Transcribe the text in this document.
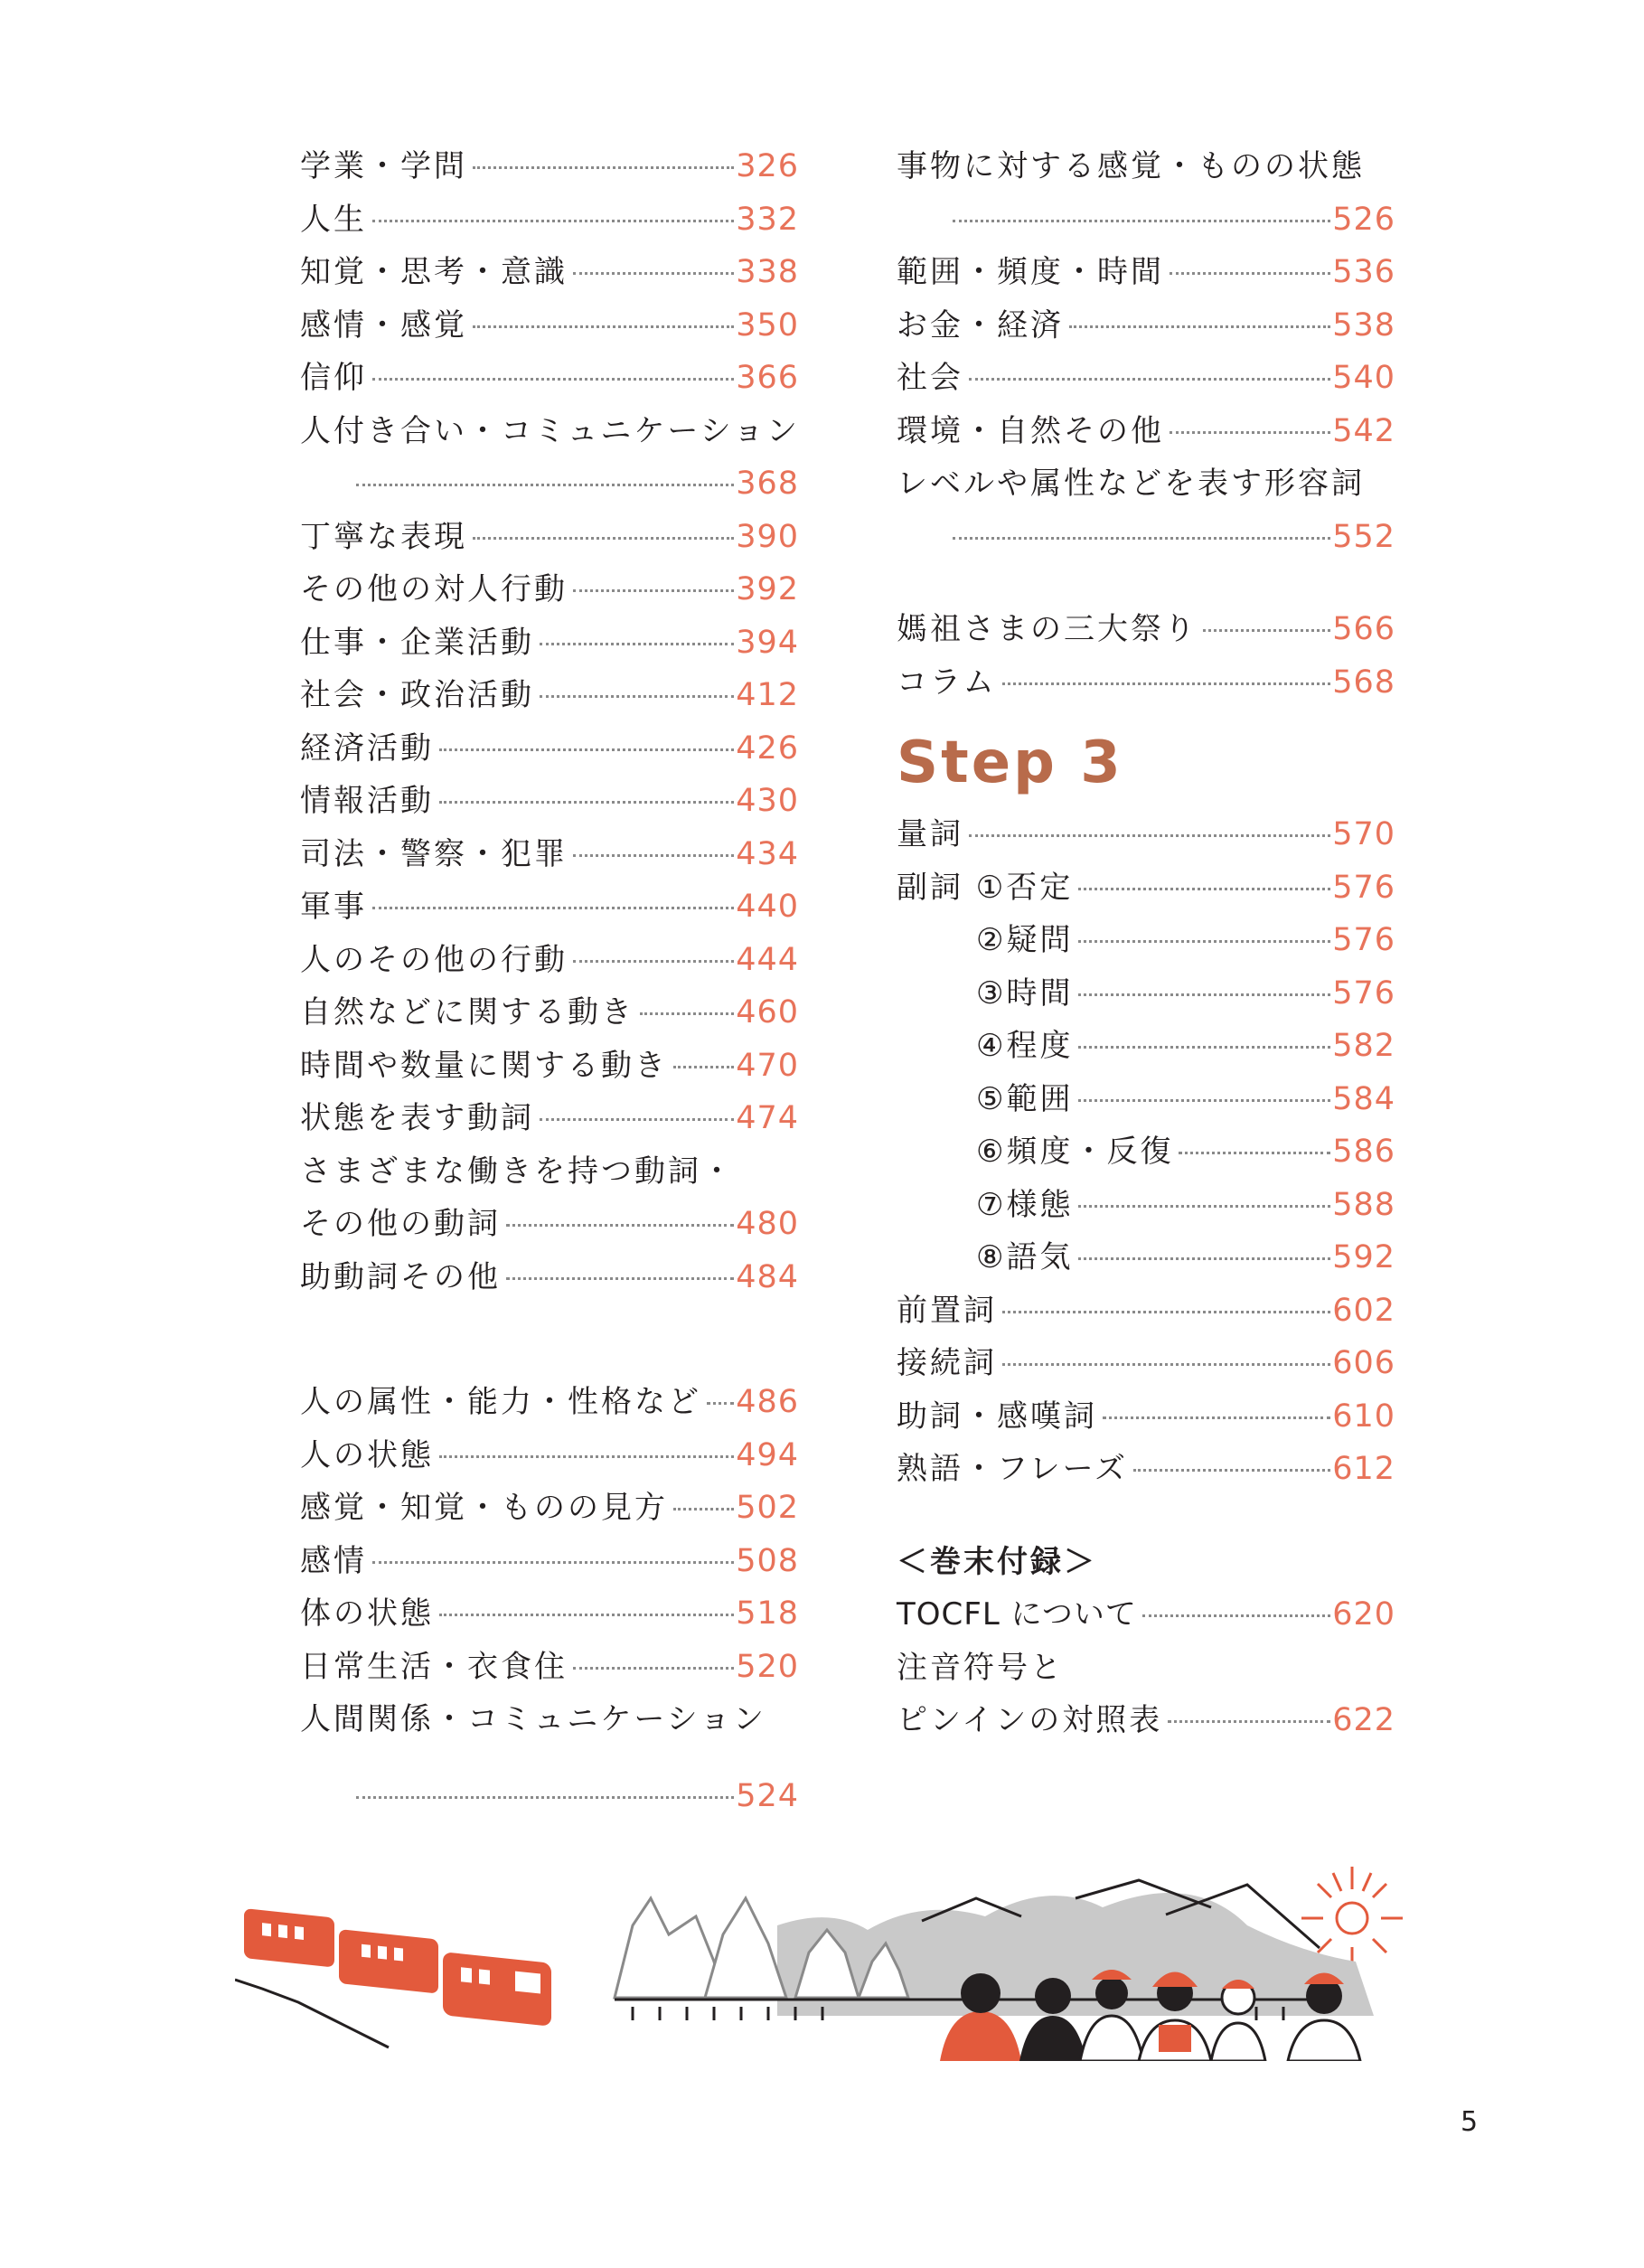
学業・学問	326
人生	332
知覚・思考・意識	338
感情・感覚	350
信仰	366
人付き合い・コミュニケーション
368
丁寧な表現	390
その他の対人行動	392
仕事・企業活動	394
社会・政治活動	412
経済活動	426
情報活動	430
司法・警察・犯罪	434
軍事	440
人のその他の行動	444
自然などに関する動き	460
時間や数量に関する動き 470
状態を表す動詞	474
さまざまな働きを持つ動詞・
その他の動詞	480
助動詞その他	484
人の属性・能力・性格など 486
人の状態	494
感覚・知覚・ものの見方 502
感情	508
体の状態	518
日常生活・衣食住	520
人間関係・コミュニケーション
524
事物に対する感覚・ものの状態
526
範囲・頻度・時間	536
お金・経済	538
社会	540
環境・自然その他	542
レベルや属性などを表す形容詞
552
媽祖さまの三大祭り	566
コラム	568
Step 3
量詞	570
副詞 ①否定	576
②疑問	576
③時間	576
④程度	582
⑤範囲	584
⑥頻度・反復	586
⑦様態	588
⑧語気	592
前置詞	602
接続詞	606
助詞・感嘆詞	610
熟語・フレーズ	612
＜巻末付録＞
TOCFL について	620
注音符号と
ピンインの対照表	622
5
